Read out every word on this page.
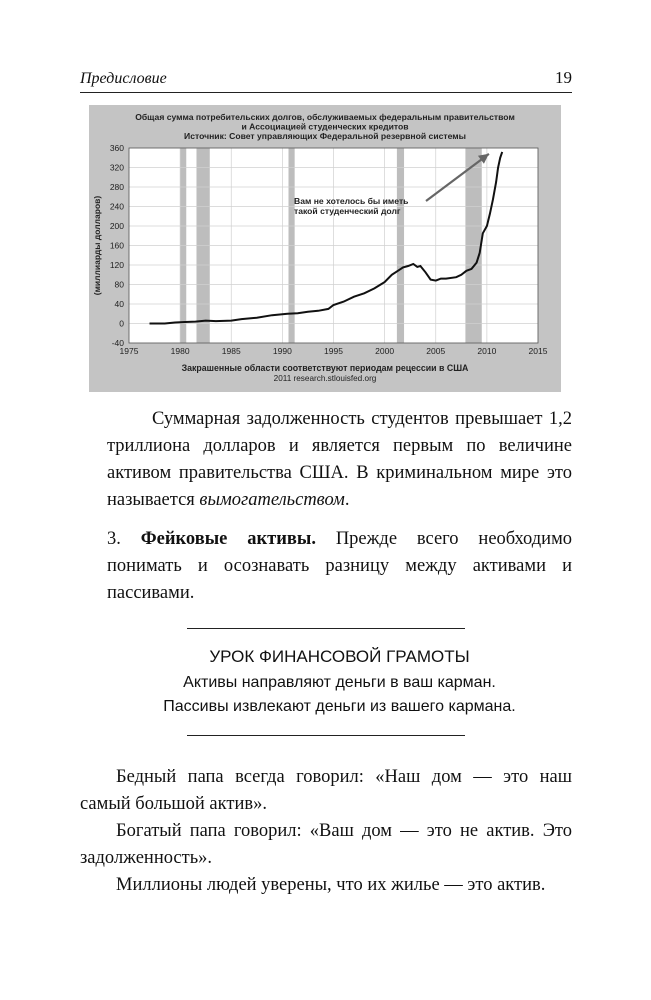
Предисловие	19
Общая сумма потребительских долгов, обслуживаемых федеральным правительством
и Ассоциацией студенческих кредитов
Источник: Совет управляющих Федеральной резервной системы
-40
0
40
80
120
160
200
240
280
320
360
1975	1980	1985	1990	1995	2000	2005	2010	2015
(миллиарды долларов)	Вам не хотелось бы иметь
такой студенческий долг
Закрашенные области соответствуют периодам рецессии в США
2011 research.stlouisfed.org

Суммарная задолженность студентов превышает 1,2 триллиона долларов и является первым по величине активом правительства США. В криминальном мире это называется вымогательством.

3. Фейковые активы. Прежде всего необходимо понимать и осознавать разницу между активами и пассивами.

УРОК ФИНАНСОВОЙ ГРАМОТЫ
Активы направляют деньги в ваш карман.
Пассивы извлекают деньги из вашего кармана.

Бедный папа всегда говорил: «Наш дом — это наш самый большой актив».

Богатый папа говорил: «Ваш дом — это не актив. Это задолженность».

Миллионы людей уверены, что их жилье — это актив.
